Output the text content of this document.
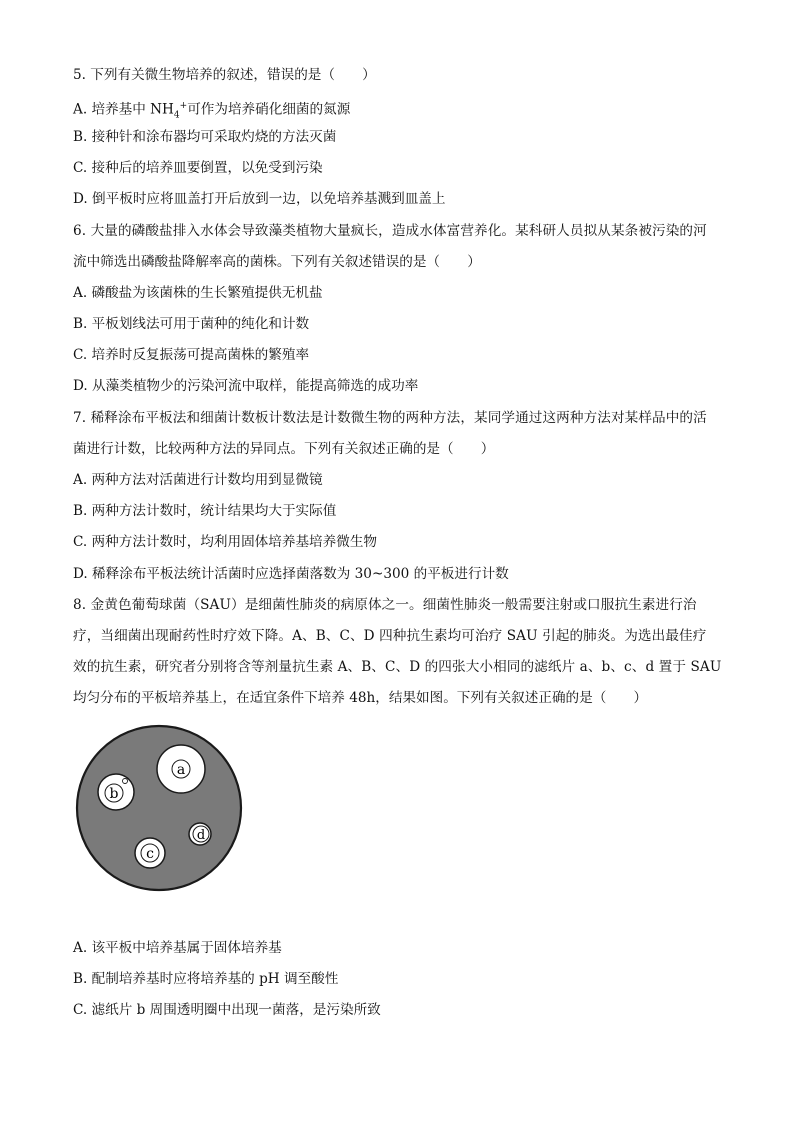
5. 下列有关微生物培养的叙述，错误的是（　　）
A. 培养基中 $NH_4^+$可作为培养硝化细菌的氮源
B. 接种针和涂布器均可采取灼烧的方法灭菌
C. 接种后的培养皿要倒置，以免受到污染
D. 倒平板时应将皿盖打开后放到一边，以免培养基溅到皿盖上
6. 大量的磷酸盐排入水体会导致藻类植物大量疯长，造成水体富营养化。某科研人员拟从某条被污染的河
流中筛选出磷酸盐降解率高的菌株。下列有关叙述错误的是（　　）
A. 磷酸盐为该菌株的生长繁殖提供无机盐
B. 平板划线法可用于菌种的纯化和计数
C. 培养时反复振荡可提高菌株的繁殖率
D. 从藻类植物少的污染河流中取样，能提高筛选的成功率
7. 稀释涂布平板法和细菌计数板计数法是计数微生物的两种方法，某同学通过这两种方法对某样品中的活
菌进行计数，比较两种方法的异同点。下列有关叙述正确的是（　　）
A. 两种方法对活菌进行计数均用到显微镜
B. 两种方法计数时，统计结果均大于实际值
C. 两种方法计数时，均利用固体培养基培养微生物
D. 稀释涂布平板法统计活菌时应选择菌落数为 30~300 的平板进行计数
8. 金黄色葡萄球菌（SAU）是细菌性肺炎的病原体之一。细菌性肺炎一般需要注射或口服抗生素进行治
疗，当细菌出现耐药性时疗效下降。A、B、C、D 四种抗生素均可治疗 SAU 引起的肺炎。为选出最佳疗
效的抗生素，研究者分别将含等剂量抗生素 A、B、C、D 的四张大小相同的滤纸片 a、b、c、d 置于 SAU
均匀分布的平板培养基上，在适宜条件下培养 48h，结果如图。下列有关叙述正确的是（　　）
a
b
c
d
A. 该平板中培养基属于固体培养基
B. 配制培养基时应将培养基的 pH 调至酸性
C. 滤纸片 b 周围透明圈中出现一菌落，是污染所致
